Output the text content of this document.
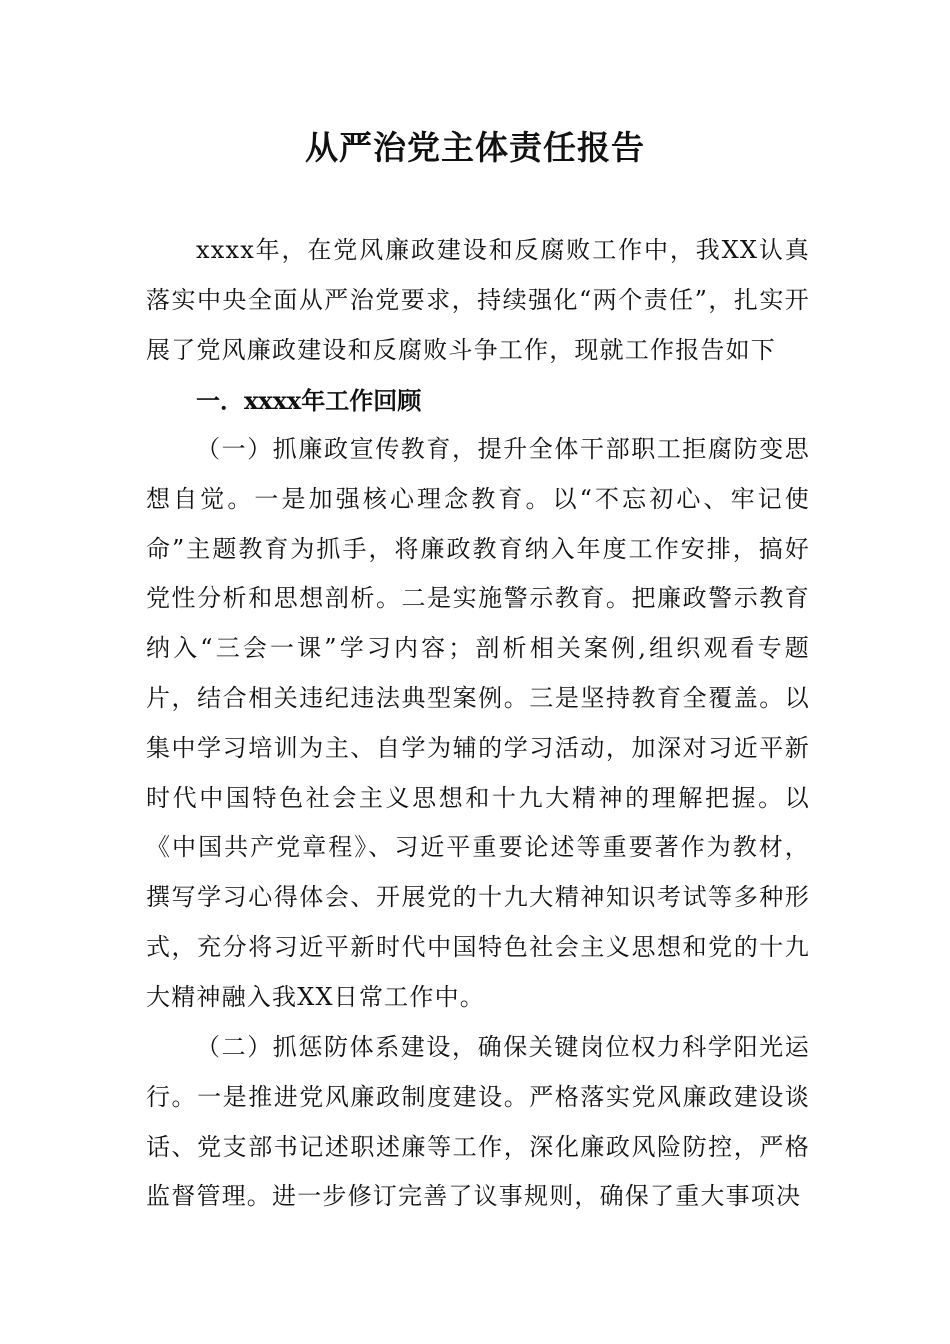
从严治党主体责任报告

xxxx年，在党风廉政建设和反腐败工作中，我XX认真落实中央全面从严治党要求，持续强化“两个责任”，扎实开展了党风廉政建设和反腐败斗争工作，现就工作报告如下

一．xxxx年工作回顾

（一）抓廉政宣传教育，提升全体干部职工拒腐防变思想自觉。一是加强核心理念教育。以“不忘初心、牢记使命”主题教育为抓手，将廉政教育纳入年度工作安排，搞好党性分析和思想剖析。二是实施警示教育。把廉政警示教育纳入“三会一课”学习内容；剖析相关案例,组织观看专题片，结合相关违纪违法典型案例。三是坚持教育全覆盖。以集中学习培训为主、自学为辅的学习活动，加深对习近平新时代中国特色社会主义思想和十九大精神的理解把握。以《中国共产党章程》、习近平重要论述等重要著作为教材，撰写学习心得体会、开展党的十九大精神知识考试等多种形式，充分将习近平新时代中国特色社会主义思想和党的十九大精神融入我XX日常工作中。

（二）抓惩防体系建设，确保关键岗位权力科学阳光运行。一是推进党风廉政制度建设。严格落实党风廉政建设谈话、党支部书记述职述廉等工作，深化廉政风险防控，严格监督管理。进一步修订完善了议事规则，确保了重大事项决
